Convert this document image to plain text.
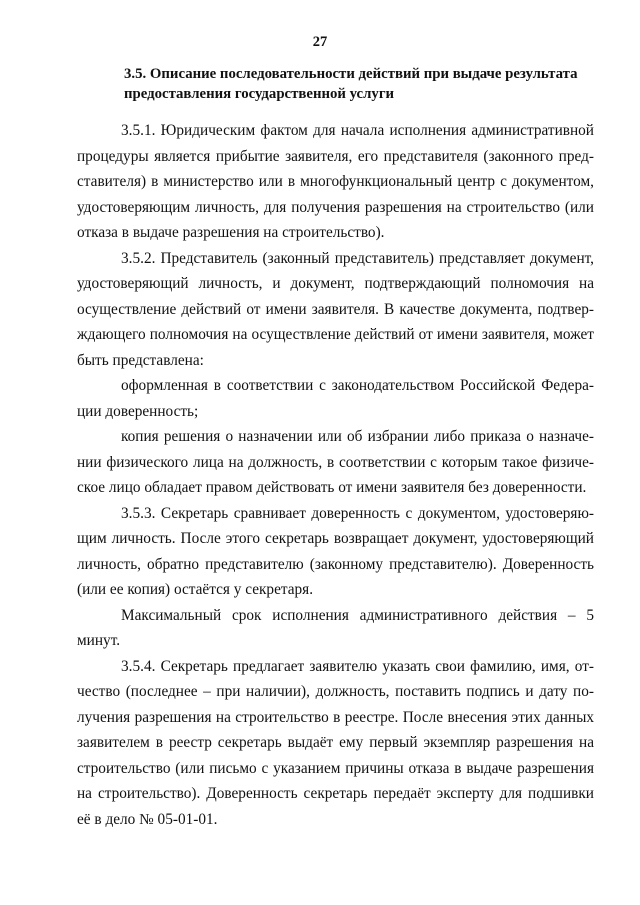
27
3.5. Описание последовательности действий при выдаче результата предоставления государственной услуги

3.5.1. Юридическим фактом для начала исполнения административной процедуры является прибытие заявителя, его представителя (законного представителя) в министерство или в многофункциональный центр с документом, удостоверяющим личность, для получения разрешения на строительство (или отказа в выдаче разрешения на строительство).

3.5.2. Представитель (законный представитель) представляет документ, удостоверяющий личность, и документ, подтверждающий полномочия на осуществление действий от имени заявителя. В качестве документа, подтверждающего полномочия на осуществление действий от имени заявителя, может быть представлена:

оформленная в соответствии с законодательством Российской Федерации доверенность;

копия решения о назначении или об избрании либо приказа о назначении физического лица на должность, в соответствии с которым такое физическое лицо обладает правом действовать от имени заявителя без доверенности.

3.5.3. Секретарь сравнивает доверенность с документом, удостоверяющим личность. После этого секретарь возвращает документ, удостоверяющий личность, обратно представителю (законному представителю). Доверенность (или ее копия) остаётся у секретаря.

Максимальный срок исполнения административного действия – 5 минут.

3.5.4. Секретарь предлагает заявителю указать свои фамилию, имя, отчество (последнее – при наличии), должность, поставить подпись и дату получения разрешения на строительство в реестре. После внесения этих данных заявителем в реестр секретарь выдаёт ему первый экземпляр разрешения на строительство (или письмо с указанием причины отказа в выдаче разрешения на строительство). Доверенность секретарь передаёт эксперту для подшивки её в дело № 05-01-01.
